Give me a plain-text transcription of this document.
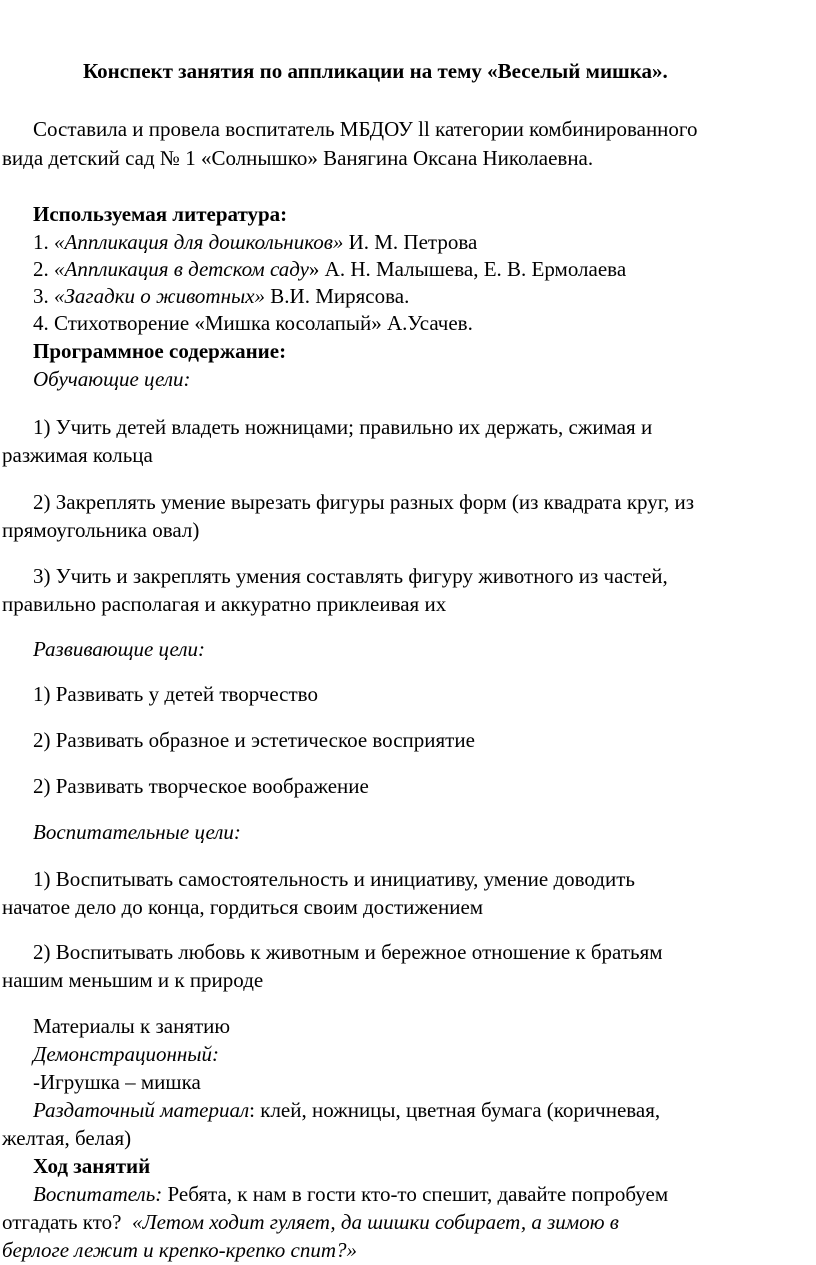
Конспект занятия по аппликации на тему «Веселый мишка».
Составила и провела воспитатель МБДОУ ll категории комбинированного
вида детский сад № 1 «Солнышко» Ванягина Оксана Николаевна.
Используемая литература:
1. «Аппликация для дошкольников» И. М. Петрова
2. «Аппликация в детском саду» А. Н. Малышева, Е. В. Ермолаева
3. «Загадки о животных» В.И. Мирясова.
4. Стихотворение «Мишка косолапый» А.Усачев.
Программное содержание:
Обучающие цели:
1) Учить детей владеть ножницами; правильно их держать, сжимая и
разжимая кольца
2) Закреплять умение вырезать фигуры разных форм (из квадрата круг, из
прямоугольника овал)
3) Учить и закреплять умения составлять фигуру животного из частей,
правильно располагая и аккуратно приклеивая их
Развивающие цели:
1) Развивать у детей творчество
2) Развивать образное и эстетическое восприятие
2) Развивать творческое воображение
Воспитательные цели:
1) Воспитывать самостоятельность и инициативу, умение доводить
начатое дело до конца, гордиться своим достижением
2) Воспитывать любовь к животным и бережное отношение к братьям
нашим меньшим и к природе
Материалы к занятию
Демонстрационный:
-Игрушка – мишка
Раздаточный материал: клей, ножницы, цветная бумага (коричневая,
желтая, белая)
Ход занятий
Воспитатель: Ребята, к нам в гости кто-то спешит, давайте попробуем
отгадать кто?  «Летом ходит гуляет, да шишки собирает, а зимою в
берлоге лежит и крепко-крепко спит?»
